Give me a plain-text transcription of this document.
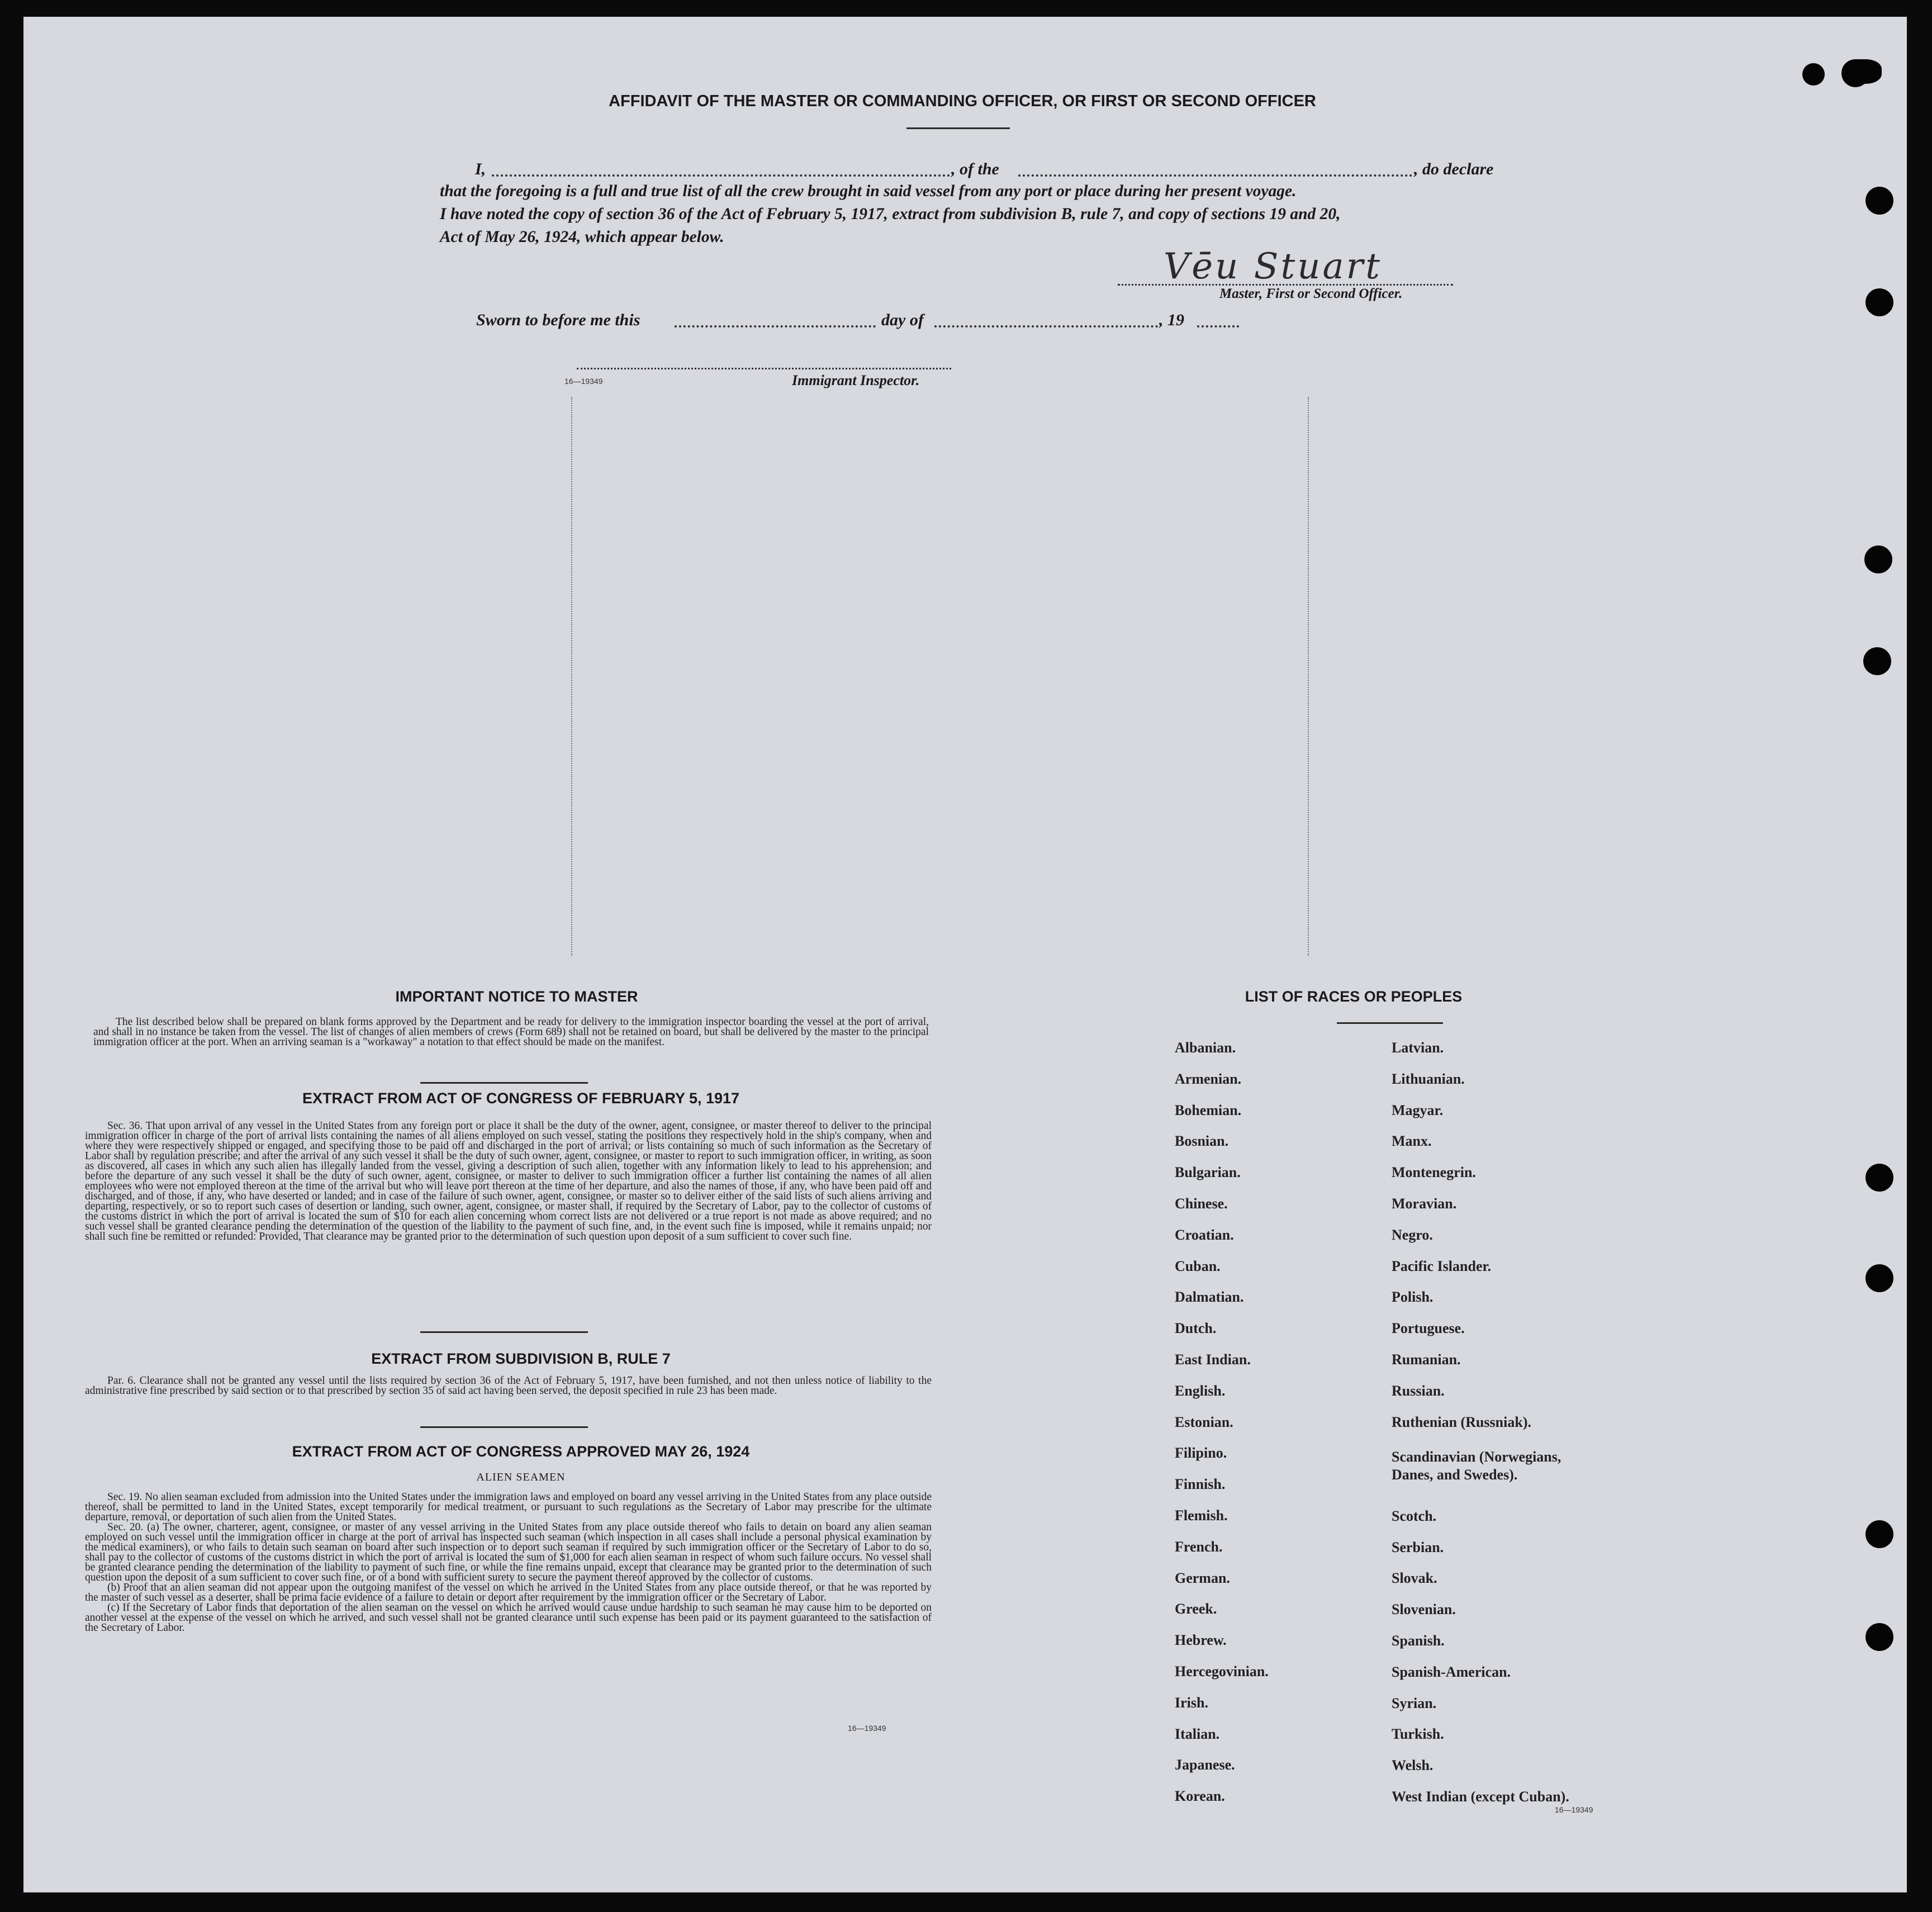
AFFIDAVIT OF THE MASTER OR COMMANDING OFFICER, OR FIRST OR SECOND OFFICER
I,	, of the	, do declare
that the foregoing is a full and true list of all the crew brought in said vessel from any port or place during her present voyage.
I have noted the copy of section 36 of the Act of February 5, 1917, extract from subdivision B, rule 7, and copy of sections 19 and 20,
Act of May 26, 1924, which appear below.
Vēu Stuart
Master, First or Second Officer.
Sworn to before me this	day of	, 19
16—19349	Immigrant Inspector.
IMPORTANT NOTICE TO MASTER

The list described below shall be prepared on blank forms approved by the Department and be ready for delivery to the immigration inspector boarding the vessel at the port of arrival, and shall in no instance be taken from the vessel. The list of changes of alien members of crews (Form 689) shall not be retained on board, but shall be delivered by the master to the principal immigration officer at the port. When an arriving seaman is a "workaway" a notation to that effect should be made on the manifest.

EXTRACT FROM ACT OF CONGRESS OF FEBRUARY 5, 1917

Sec. 36. That upon arrival of any vessel in the United States from any foreign port or place it shall be the duty of the owner, agent, consignee, or master thereof to deliver to the principal immigration officer in charge of the port of arrival lists containing the names of all aliens employed on such vessel, stating the positions they respectively hold in the ship's company, when and where they were respectively shipped or engaged, and specifying those to be paid off and discharged in the port of arrival; or lists containing so much of such information as the Secretary of Labor shall by regulation prescribe; and after the arrival of any such vessel it shall be the duty of such owner, agent, consignee, or master to report to such immigration officer, in writing, as soon as discovered, all cases in which any such alien has illegally landed from the vessel, giving a description of such alien, together with any information likely to lead to his apprehension; and before the departure of any such vessel it shall be the duty of such owner, agent, consignee, or master to deliver to such immigration officer a further list containing the names of all alien employees who were not employed thereon at the time of the arrival but who will leave port thereon at the time of her departure, and also the names of those, if any, who have been paid off and discharged, and of those, if any, who have deserted or landed; and in case of the failure of such owner, agent, consignee, or master so to deliver either of the said lists of such aliens arriving and departing, respectively, or so to report such cases of desertion or landing, such owner, agent, consignee, or master shall, if required by the Secretary of Labor, pay to the collector of customs of the customs district in which the port of arrival is located the sum of $10 for each alien concerning whom correct lists are not delivered or a true report is not made as above required; and no such vessel shall be granted clearance pending the determination of the question of the liability to the payment of such fine, and, in the event such fine is imposed, while it remains unpaid; nor shall such fine be remitted or refunded: Provided, That clearance may be granted prior to the determination of such question upon deposit of a sum sufficient to cover such fine.

EXTRACT FROM SUBDIVISION B, RULE 7

Par. 6. Clearance shall not be granted any vessel until the lists required by section 36 of the Act of February 5, 1917, have been furnished, and not then unless notice of liability to the administrative fine prescribed by said section or to that prescribed by section 35 of said act having been served, the deposit specified in rule 23 has been made.

EXTRACT FROM ACT OF CONGRESS APPROVED MAY 26, 1924
ALIEN SEAMEN

Sec. 19. No alien seaman excluded from admission into the United States under the immigration laws and employed on board any vessel arriving in the United States from any place outside thereof, shall be permitted to land in the United States, except temporarily for medical treatment, or pursuant to such regulations as the Secretary of Labor may prescribe for the ultimate departure, removal, or deportation of such alien from the United States.

Sec. 20. (a) The owner, charterer, agent, consignee, or master of any vessel arriving in the United States from any place outside thereof who fails to detain on board any alien seaman employed on such vessel until the immigration officer in charge at the port of arrival has inspected such seaman (which inspection in all cases shall include a personal physical examination by the medical examiners), or who fails to detain such seaman on board after such inspection or to deport such seaman if required by such immigration officer or the Secretary of Labor to do so, shall pay to the collector of customs of the customs district in which the port of arrival is located the sum of $1,000 for each alien seaman in respect of whom such failure occurs. No vessel shall be granted clearance pending the determination of the liability to payment of such fine, or while the fine remains unpaid, except that clearance may be granted prior to the determination of such question upon the deposit of a sum sufficient to cover such fine, or of a bond with sufficient surety to secure the payment thereof approved by the collector of customs.

(b) Proof that an alien seaman did not appear upon the outgoing manifest of the vessel on which he arrived in the United States from any place outside thereof, or that he was reported by the master of such vessel as a deserter, shall be prima facie evidence of a failure to detain or deport after requirement by the immigration officer or the Secretary of Labor.

(c) If the Secretary of Labor finds that deportation of the alien seaman on the vessel on which he arrived would cause undue hardship to such seaman he may cause him to be deported on another vessel at the expense of the vessel on which he arrived, and such vessel shall not be granted clearance until such expense has been paid or its payment guaranteed to the satisfaction of the Secretary of Labor.

16—19349
LIST OF RACES OR PEOPLES
Albanian.
Armenian.
Bohemian.
Bosnian.
Bulgarian.
Chinese.
Croatian.
Cuban.
Dalmatian.
Dutch.
East Indian.
English.
Estonian.
Filipino.
Finnish.
Flemish.
French.
German.
Greek.
Hebrew.
Hercegovinian.
Irish.
Italian.
Japanese.
Korean.
Latvian.
Lithuanian.
Magyar.
Manx.
Montenegrin.
Moravian.
Negro.
Pacific Islander.
Polish.
Portuguese.
Rumanian.
Russian.
Ruthenian (Russniak).
Scandinavian (Norwegians, Danes, and Swedes).
Scotch.
Serbian.
Slovak.
Slovenian.
Spanish.
Spanish-American.
Syrian.
Turkish.
Welsh.
West Indian (except Cuban).
16—19349
